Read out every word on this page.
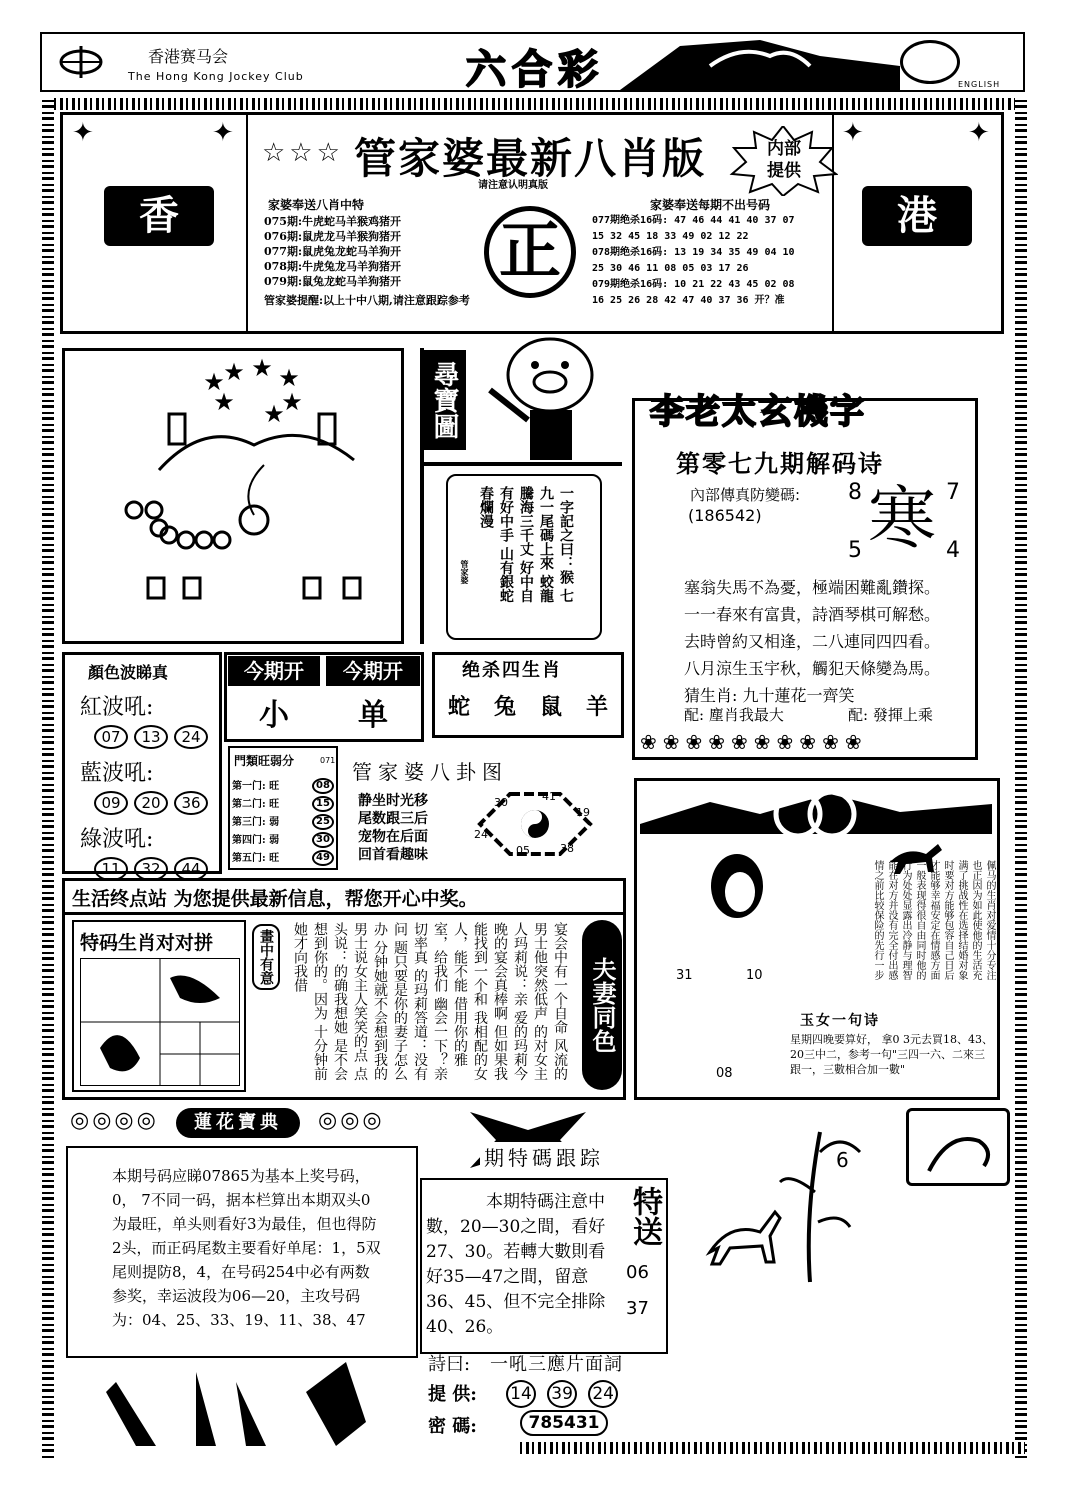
香港赛马会
The Hong Kong Jockey Club	六合彩	ENGLISH
香	港
✦	✦	✦	✦
☆☆☆ 管家婆最新八肖版
请注意认明真版
内部提供
家婆奉送八肖中特
075期:牛虎蛇马羊猴鸡猪开
076期:鼠虎龙马羊猴狗猪开
077期:鼠虎兔龙蛇马羊狗开
078期:牛虎兔龙马羊狗猪开
079期:鼠兔龙蛇马羊狗猪开
管家婆提醒:以上十中八期,请注意跟踪参考
正
家婆奉送每期不出号码
077期绝杀16码: 47 46 44 41 40 37 07
15 32 45 18 33 49 02 12 22
078期绝杀16码: 13 19 34 35 49 04 10
25 30 46 11 08 05 03 17 26
079期绝杀16码: 10 21 22 43 45 02 08
16 25 26 28 42 47 40 37 36 开？准
★ ★ ★
★
★
★
★	尋寶圖
一字記之曰：猴 七九一尾碼上來 蛟龍騰海三千丈 好中自有好中手 山有銀蛇春爛漫
管家婆
李老太玄機字
第零七九期解码诗
內部傳真防變碼:
(186542)
8	7
5	4
寒
塞翁失馬不為憂，極端困難亂鑽探。
一一春來有富貴，詩酒琴棋可解愁。
去時曾約又相逢，二八連同四四看。
八月涼生玉宇秋，觸犯天條變為馬。
猜生肖: 九十蓮花一齊笑
配: 塵肖我最大	配: 發揮上乘
❀❀❀❀❀❀❀❀❀❀
顏色波睇真
紅波吼:
07 13 24
藍波吼:
09 20 36
綠波吼:
11 32 44
今期开	今期开
小	单
绝杀四生肖
蛇 兔 鼠 羊
門類旺弱分	071
第一门: 旺	08
第二门: 旺	15
第三门: 弱	25
第四门: 弱	30
第五门: 旺	49
管家婆八卦图
静坐时光移
尾数跟三后
宠物在后面
回首看趣味
30	41
19
24
05	38
31	10
08
佩马的生肖对爱情十分专注也正因为如此使他的生活充满了挑战性在选择结婚对象时要对方能够包容自己日后才能够幸福安定在情感方面一般表现得很自由同时他的行为处处显露出冷静与理智能在对方并没有完全付出感情之前比较保险的先行一步
玉女一句诗
星期四晚要算好， 拿0 3元去買18、43、20三中二，参考一句"三四一六、二來三跟一，三數相合加一數"
生活终点站 为您提供最新信息，帮您开心中奖。
特码生肖对对拼	畫中有意	宴会中有一个自命 风流的男士他突然低声 的对女主人玛莉说：亲 爱的玛莉今晚的宴会真棒啊 但如果我能找到一个和 我相配的女人，能不能 借用你的雅室，给我们 幽会一下？亲切率真 的玛莉答道：没有问 题只要是你的妻子怎么办 分钟她就不会想到我的 男士说女主人笑笑的点 点头说：的确我想她 是不会想到你的。因为 十分钟前她才向我借	夫妻同色
◎◎◎◎	蓮花寶典	◎◎◎
本期号码应睇07865为基本上奖号码，0， 7不同一码，据本栏算出本期双头0为最旺，单头则看好3为最佳，但也得防2头，而正码尾数主要看好单尾：1，5双尾则提防8，4，在号码254中必有两数参奖，幸运波段为06—20，主攻号码为：04、25、33、19、11、38、47
期特碼跟踪
本期特碼注意中數，20—30之間，看好27、30。若轉大數則看好35—47之間，留意36、45、但不完全排除40、26。
特送
06
37
詩曰: 一吼三應片面詞
提 供: 14 39 24
密 碼:	785431
6
